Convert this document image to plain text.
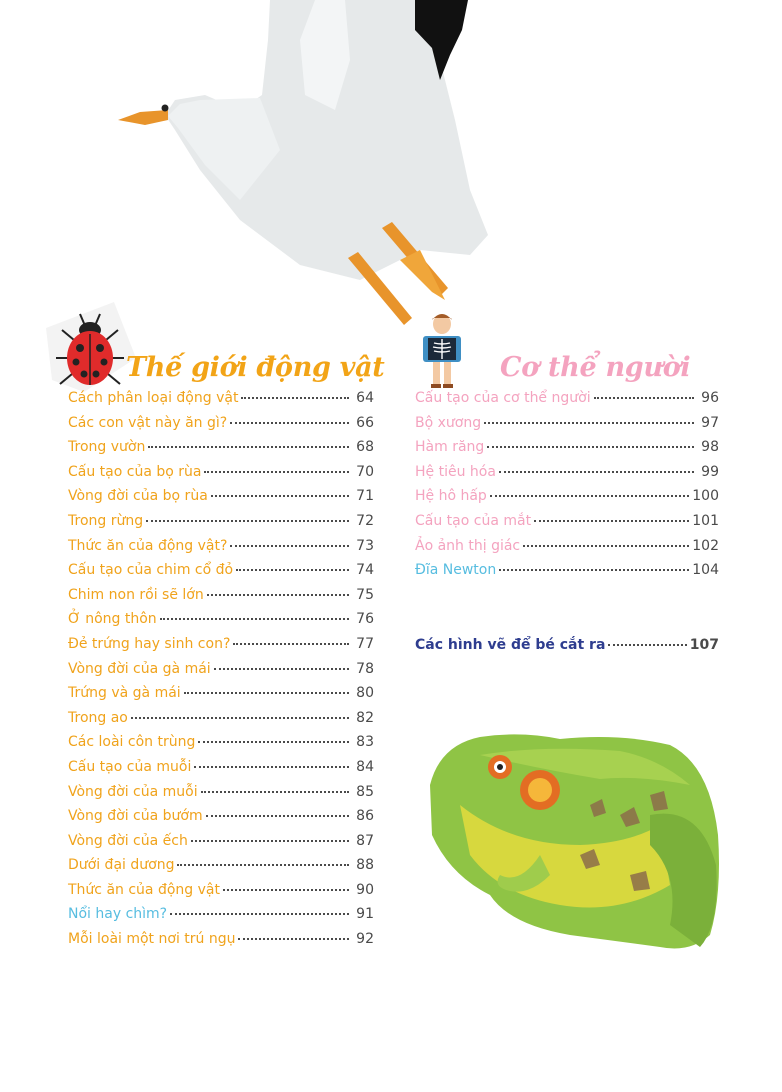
Thế giới động vật	Cơ thể người
Cách phân loại động vật	64
Các con vật này ăn gì?	66
Trong vườn	68
Cấu tạo của bọ rùa	70
Vòng đời của bọ rùa	71
Trong rừng	72
Thức ăn của động vật?	73
Cấu tạo của chim cổ đỏ	74
Chim non rồi sẽ lớn	75
Ở nông thôn	76
Đẻ trứng hay sinh con?	77
Vòng đời của gà mái	78
Trứng và gà mái	80
Trong ao	82
Các loài côn trùng	83
Cấu tạo của muỗi	84
Vòng đời của muỗi	85
Vòng đời của bướm	86
Vòng đời của ếch	87
Dưới đại dương	88
Thức ăn của động vật	90
Nổi hay chìm?	91
Mỗi loài một nơi trú ngụ	92
Cấu tạo của cơ thể người	96
Bộ xương	97
Hàm răng	98
Hệ tiêu hóa	99
Hệ hô hấp	100
Cấu tạo của mắt	101
Ảo ảnh thị giác	102
Đĩa Newton	104
Các hình vẽ để bé cắt ra	107
